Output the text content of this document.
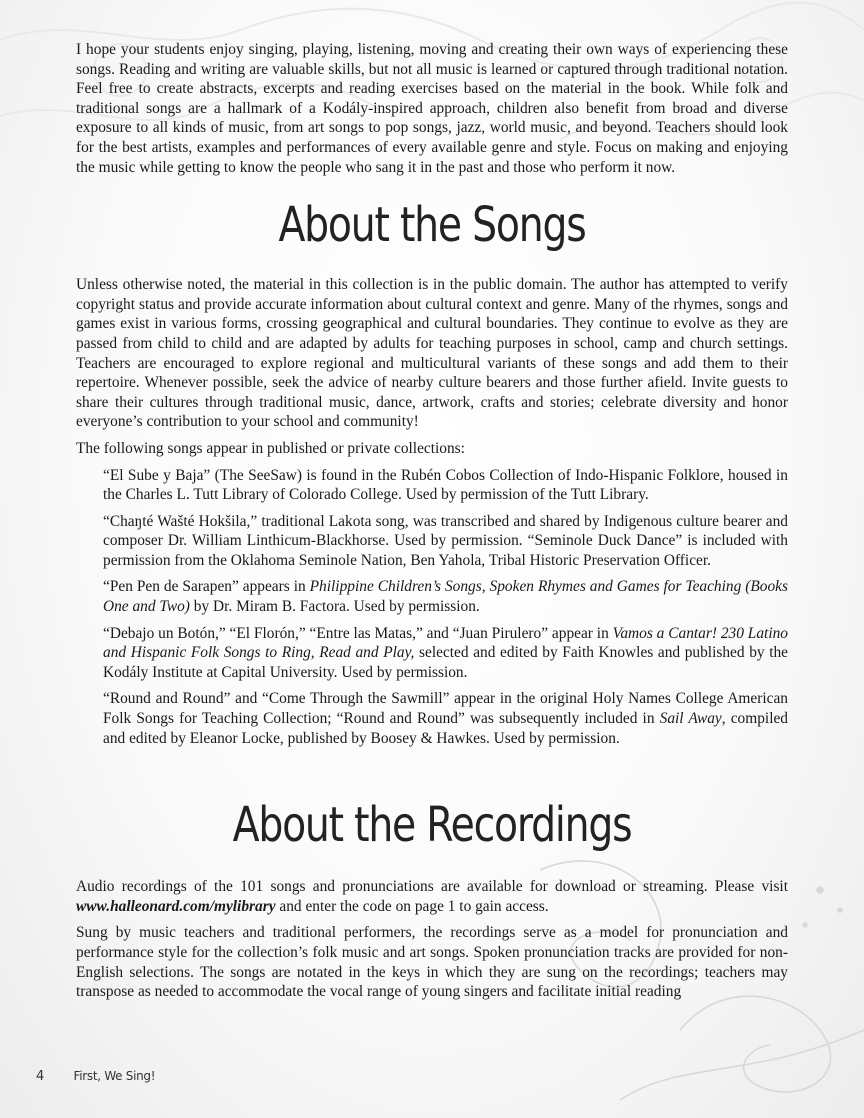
I hope your students enjoy singing, playing, listening, moving and creating their own ways of experiencing these songs. Reading and writing are valuable skills, but not all music is learned or captured through traditional notation. Feel free to create abstracts, excerpts and reading exercises based on the material in the book. While folk and traditional songs are a hallmark of a Kodály-inspired approach, children also benefit from broad and diverse exposure to all kinds of music, from art songs to pop songs, jazz, world music, and beyond. Teachers should look for the best artists, examples and performances of every available genre and style. Focus on making and enjoying the music while getting to know the people who sang it in the past and those who perform it now.

About the Songs

Unless otherwise noted, the material in this collection is in the public domain. The author has attempted to verify copyright status and provide accurate information about cultural context and genre. Many of the rhymes, songs and games exist in various forms, crossing geographical and cultural boundaries. They continue to evolve as they are passed from child to child and are adapted by adults for teaching purposes in school, camp and church settings. Teachers are encouraged to explore regional and multicultural variants of these songs and add them to their repertoire. Whenever possible, seek the advice of nearby culture bearers and those further afield. Invite guests to share their cultures through traditional music, dance, artwork, crafts and stories; celebrate diversity and honor everyone’s contribution to your school and community!

The following songs appear in published or private collections:

“El Sube y Baja” (The SeeSaw) is found in the Rubén Cobos Collection of Indo-Hispanic Folklore, housed in the Charles L. Tutt Library of Colorado College. Used by permission of the Tutt Library.

“Chaŋté Wašté Hokšila,” traditional Lakota song, was transcribed and shared by Indigenous culture bearer and composer Dr. William Linthicum-Blackhorse. Used by permission. “Seminole Duck Dance” is included with permission from the Oklahoma Seminole Nation, Ben Yahola, Tribal Historic Preservation Officer.

“Pen Pen de Sarapen” appears in Philippine Children’s Songs, Spoken Rhymes and Games for Teaching (Books One and Two) by Dr. Miram B. Factora. Used by permission.

“Debajo un Botón,” “El Florón,” “Entre las Matas,” and “Juan Pirulero” appear in Vamos a Cantar! 230 Latino and Hispanic Folk Songs to Ring, Read and Play, selected and edited by Faith Knowles and published by the Kodály Institute at Capital University. Used by permission.

“Round and Round” and “Come Through the Sawmill” appear in the original Holy Names College American Folk Songs for Teaching Collection; “Round and Round” was subsequently included in Sail Away, compiled and edited by Eleanor Locke, published by Boosey & Hawkes. Used by permission.

About the Recordings

Audio recordings of the 101 songs and pronunciations are available for download or streaming. Please visit www.halleonard.com/mylibrary and enter the code on page 1 to gain access.

Sung by music teachers and traditional performers, the recordings serve as a model for pronunciation and performance style for the collection’s folk music and art songs. Spoken pronunciation tracks are provided for non-English selections. The songs are notated in the keys in which they are sung on the recordings; teachers may transpose as needed to accommodate the vocal range of young singers and facilitate initial reading

4 First, We Sing!
